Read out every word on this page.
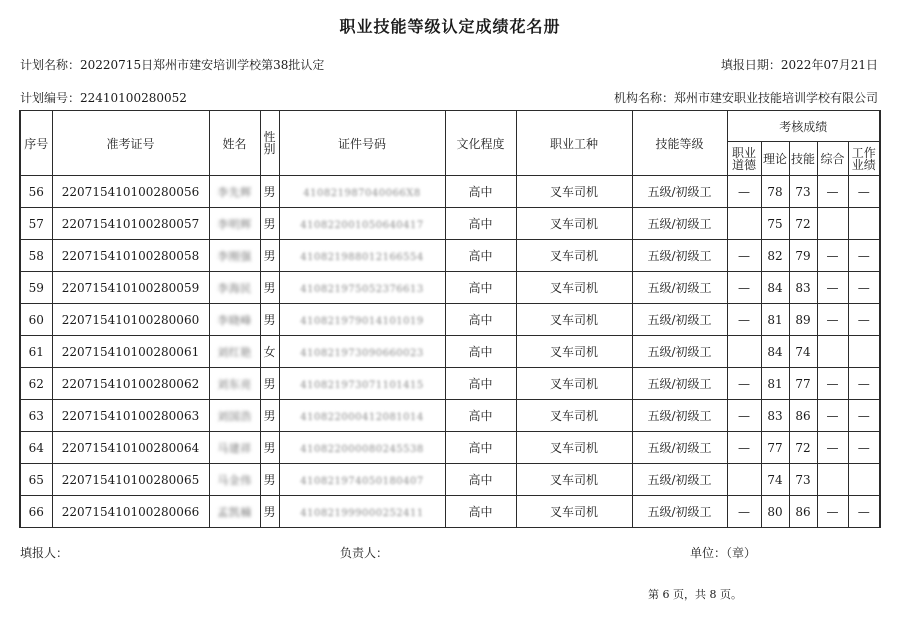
职业技能等级认定成绩花名册
计划名称：20220715日郑州市建安培训学校第38批认定	填报日期：2022年07月21日
计划编号：22410100280052	机构名称：郑州市建安职业技能培训学校有限公司
序号	准考证号	姓名	性别	证件号码	文化程度	职业工种	技能等级	考核成绩				
								职业道德	理论	技能	综合	工作业绩
56	220715410100280056	李先辉	男	410821987040066X8	高中	叉车司机	五级/初级工	—	78	73	—	—
57	220715410100280057	李明辉	男	410822001050640417	高中	叉车司机	五级/初级工		75	72		
58	220715410100280058	李刚强	男	410821988012166554	高中	叉车司机	五级/初级工	—	82	79	—	—
59	220715410100280059	李海民	男	410821975052376613	高中	叉车司机	五级/初级工	—	84	83	—	—
60	220715410100280060	李晓峰	男	410821979014101019	高中	叉车司机	五级/初级工	—	81	89	—	—
61	220715410100280061	刘红艳	女	410821973090660023	高中	叉车司机	五级/初级工		84	74		
62	220715410100280062	刘东亮	男	410821973071101415	高中	叉车司机	五级/初级工	—	81	77	—	—
63	220715410100280063	刘国浩	男	410822000412081014	高中	叉车司机	五级/初级工	—	83	86	—	—
64	220715410100280064	马建祥	男	410822000080245538	高中	叉车司机	五级/初级工	—	77	72	—	—
65	220715410100280065	马金伟	男	410821974050180407	高中	叉车司机	五级/初级工		74	73		
66	220715410100280066	孟凯楠	男	410821999000252411	高中	叉车司机	五级/初级工	—	80	86	—	—
填报人：	负责人：	单位：（章）
第 6 页，共 8 页。
